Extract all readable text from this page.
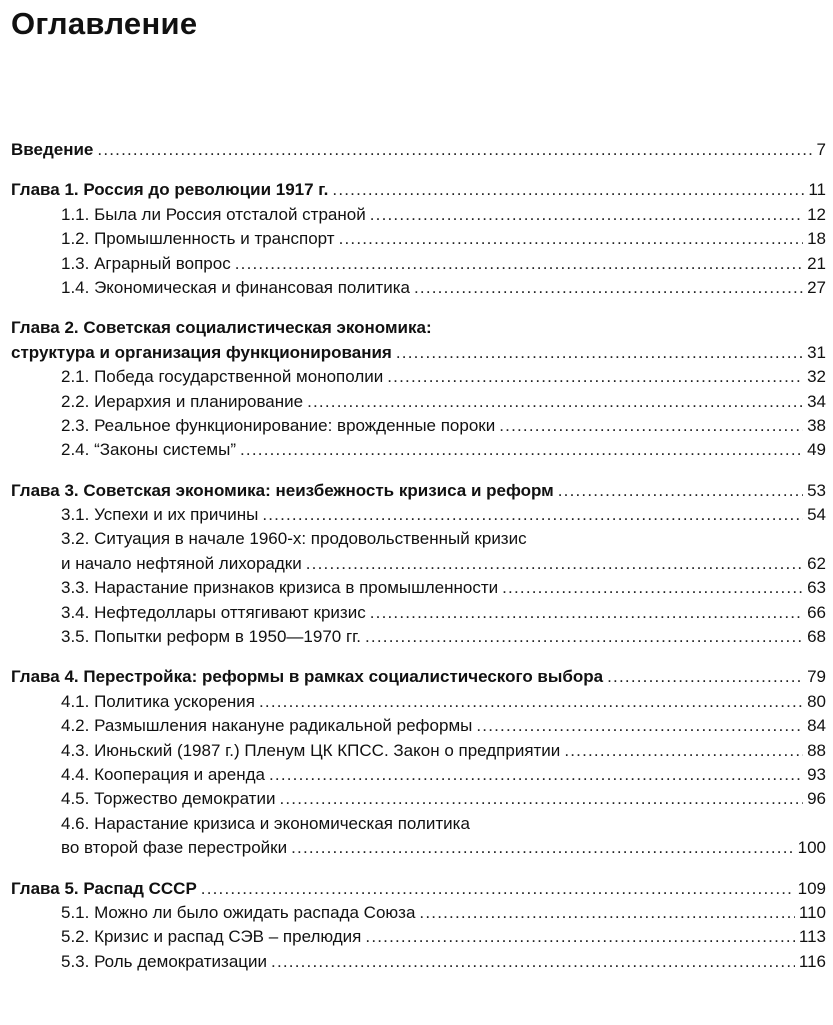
Оглавление
Введение .....	7
Глава 1. Россия до революции 1917 г. .....	11
1.1. Была ли Россия отсталой страной .....	12
1.2. Промышленность и транспорт .....	18
1.3. Аграрный вопрос .....	21
1.4. Экономическая и финансовая политика .....	27
Глава 2. Советская социалистическая экономика:
структура и организация функционирования .....	31
2.1. Победа государственной монополии .....	32
2.2. Иерархия и планирование .....	34
2.3. Реальное функционирование: врожденные пороки .....	38
2.4. “Законы системы” .....	49
Глава 3. Советская экономика: неизбежность кризиса и реформ .....	53
3.1. Успехи и их причины .....	54
3.2. Ситуация в начале 1960-х: продовольственный кризис
и начало нефтяной лихорадки .....	62
3.3. Нарастание признаков кризиса в промышленности .....	63
3.4. Нефтедоллары оттягивают кризис .....	66
3.5. Попытки реформ в 1950—1970 гг. .....	68
Глава 4. Перестройка: реформы в рамках социалистического выбора .....	79
4.1. Политика ускорения .....	80
4.2. Размышления накануне радикальной реформы .....	84
4.3. Июньский (1987 г.) Пленум ЦК КПСС. Закон о предприятии .....	88
4.4. Кооперация и аренда .....	93
4.5. Торжество демократии .....	96
4.6. Нарастание кризиса и экономическая политика
во второй фазе перестройки .....	100
Глава 5. Распад СССР .....	109
5.1. Можно ли было ожидать распада Союза .....	110
5.2. Кризис и распад СЭВ – прелюдия .....	113
5.3. Роль демократизации .....	116
